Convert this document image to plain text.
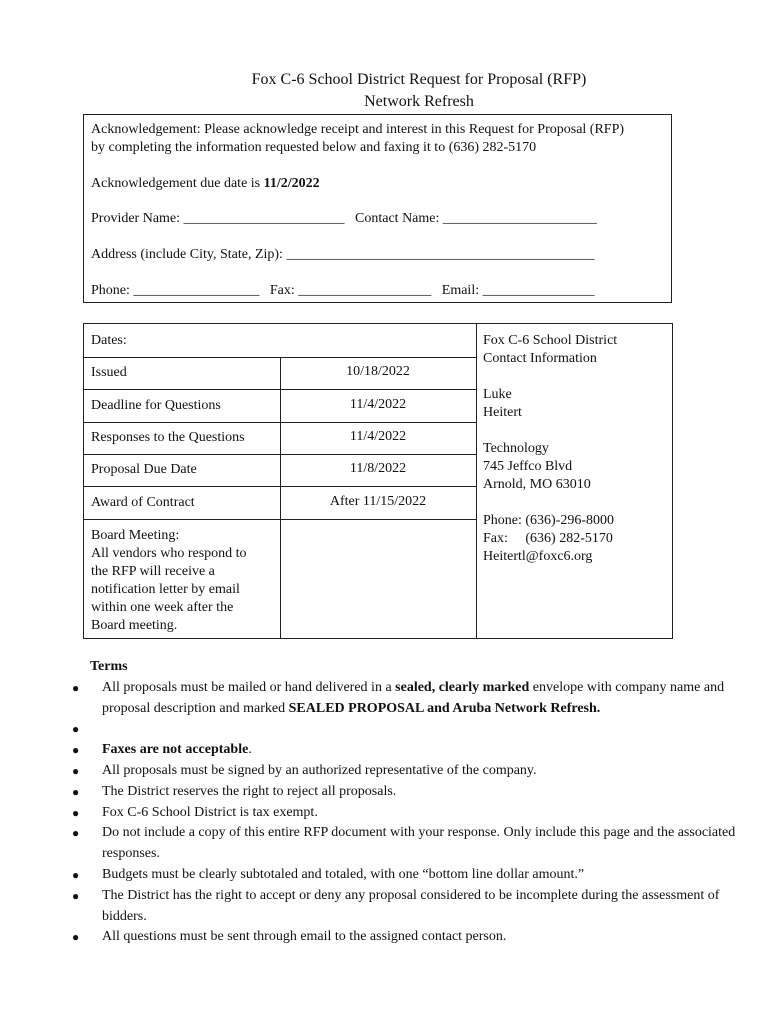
Fox C-6 School District Request for Proposal (RFP)
Network Refresh
Acknowledgement: Please acknowledge receipt and interest in this Request for Proposal (RFP)
by completing the information requested below and faxing it to (636) 282-5170
Acknowledgement due date is 11/2/2022
Provider Name: _______________________   Contact Name: ______________________
Address (include City, State, Zip): ____________________________________________
Phone: __________________   Fax: ___________________   Email: ________________
Dates:
Issued	10/18/2022
Deadline for Questions	11/4/2022
Responses to the Questions	11/4/2022
Proposal Due Date	11/8/2022
Award of Contract	After 11/15/2022
Board Meeting:
All vendors who respond to
the RFP will receive a
notification letter by email
within one week after the
Board meeting.
Fox C-6 School District
Contact Information
Luke
Heitert
Technology
745 Jeffco Blvd
Arnold, MO 63010
Phone: (636)-296-8000
Fax:     (636) 282-5170
Heitertl@foxc6.org
Terms
● All proposals must be mailed or hand delivered in a sealed, clearly marked envelope with company name and proposal description and marked SEALED PROPOSAL and Aruba Network Refresh.
●

● Faxes are not acceptable.
● All proposals must be signed by an authorized representative of the company.
● The District reserves the right to reject all proposals.
● Fox C-6 School District is tax exempt.
● Do not include a copy of this entire RFP document with your response. Only include this page and the associated responses.
● Budgets must be clearly subtotaled and totaled, with one “bottom line dollar amount.”
● The District has the right to accept or deny any proposal considered to be incomplete during the assessment of bidders.
● All questions must be sent through email to the assigned contact person.
